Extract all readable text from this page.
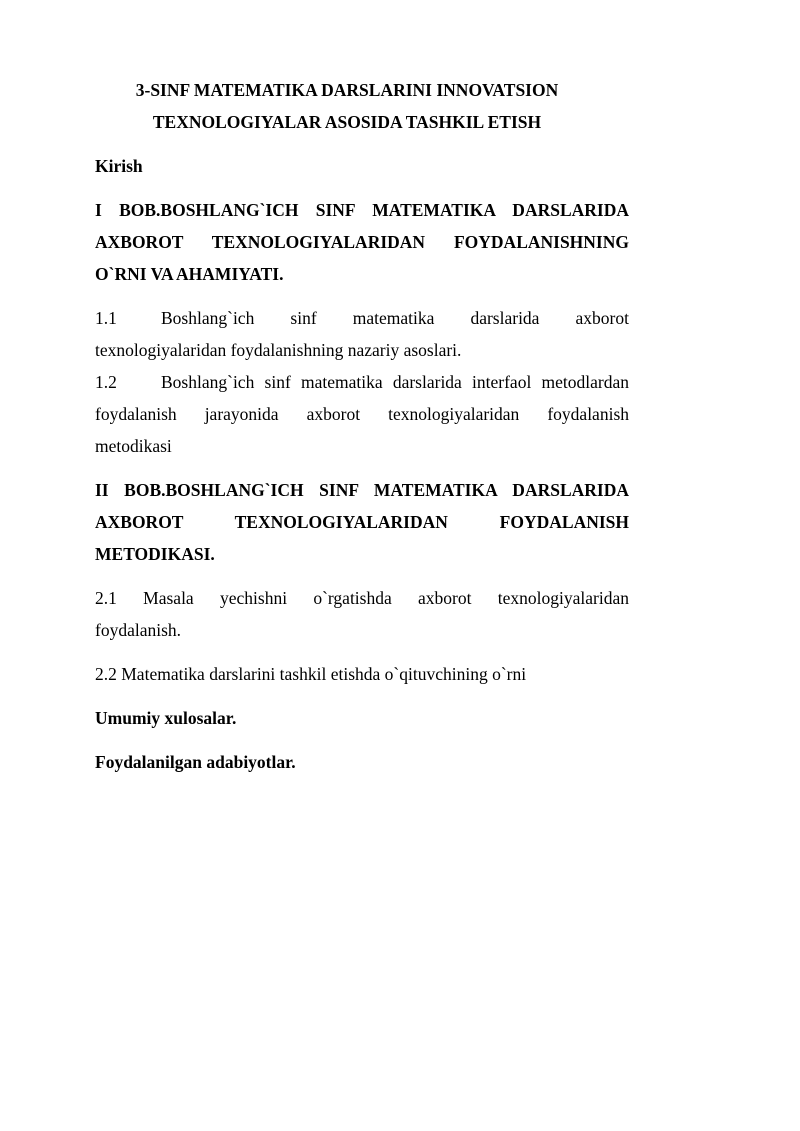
3-SINF MATEMATIKA DARSLARINI INNOVATSION
TEXNOLOGIYALAR ASOSIDA TASHKIL ETISH

Kirish

I BOB.BOSHLANG`ICH SINF MATEMATIKA DARSLARIDA
AXBOROT TEXNOLOGIYALARIDAN FOYDALANISHNING
O`RNI VA AHAMIYATI.

1.1	Boshlang`ich sinf matematika darslarida axborot
texnologiyalaridan foydalanishning nazariy asoslari.
1.2	Boshlang`ich sinf matematika darslarida interfaol metodlardan
foydalanish jarayonida axborot texnologiyalaridan foydalanish
metodikasi

II BOB.BOSHLANG`ICH SINF MATEMATIKA DARSLARIDA
AXBOROT TEXNOLOGIYALARIDAN FOYDALANISH
METODIKASI.

2.1 Masala yechishni o`rgatishda axborot texnologiyalaridan
foydalanish.
2.2 Matematika darslarini tashkil etishda o`qituvchining o`rni

Umumiy xulosalar.

Foydalanilgan adabiyotlar.
